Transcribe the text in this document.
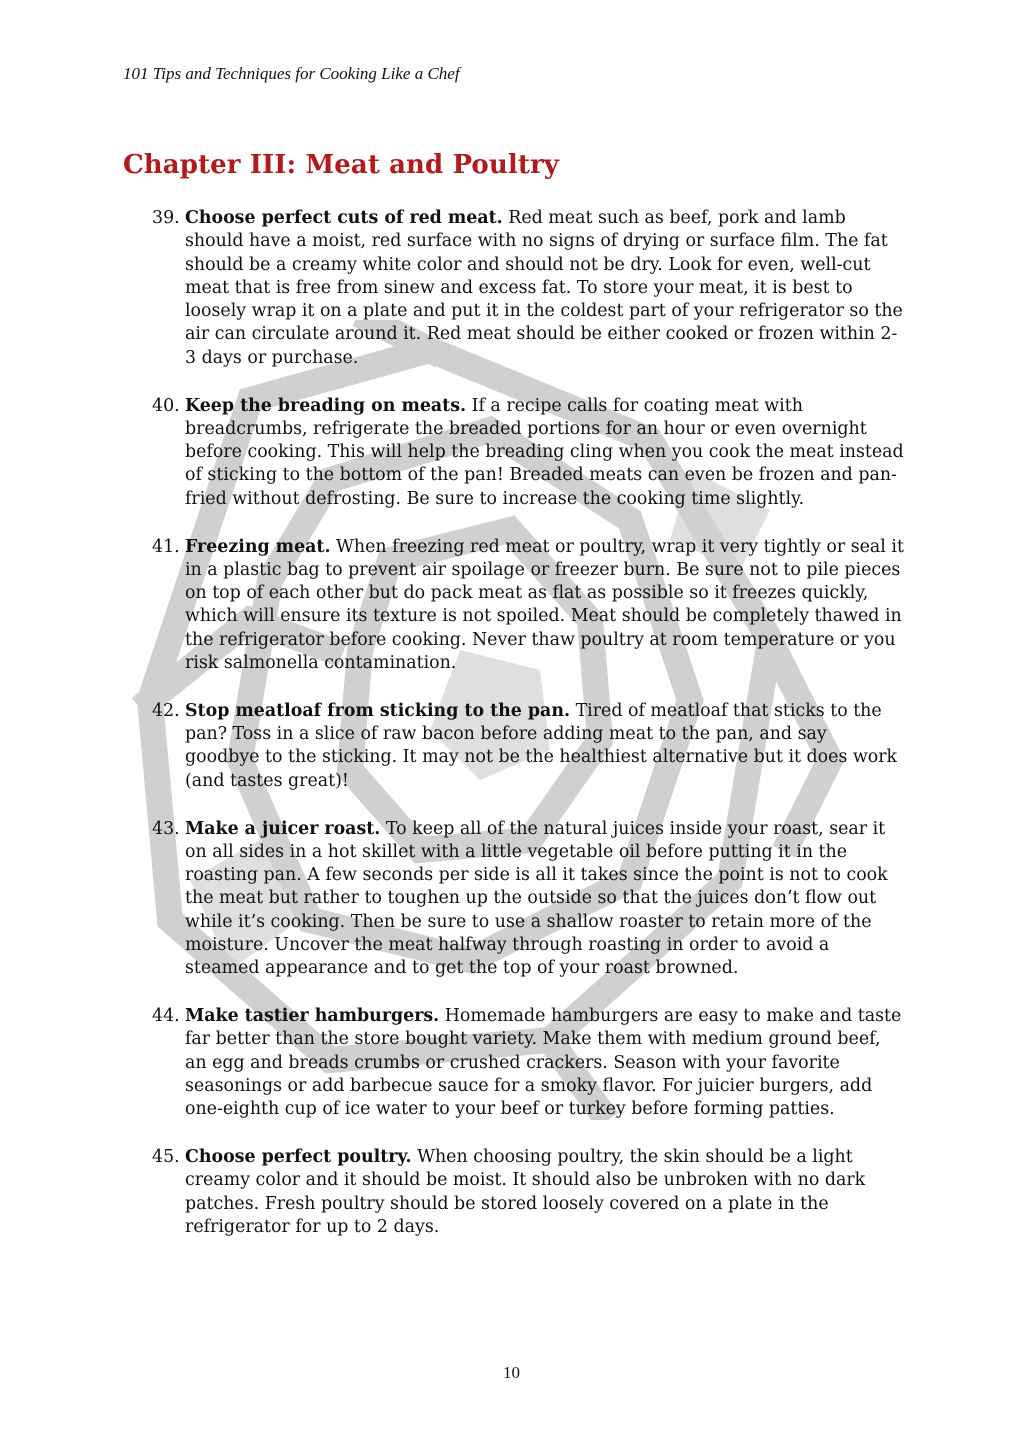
101 Tips and Techniques for Cooking Like a Chef
Chapter III: Meat and Poultry
39. Choose perfect cuts of red meat. Red meat such as beef, pork and lamb should have a moist, red surface with no signs of drying or surface film. The fat should be a creamy white color and should not be dry. Look for even, well-cut meat that is free from sinew and excess fat. To store your meat, it is best to loosely wrap it on a plate and put it in the coldest part of your refrigerator so the air can circulate around it. Red meat should be either cooked or frozen within 2-3 days or purchase.
40. Keep the breading on meats. If a recipe calls for coating meat with breadcrumbs, refrigerate the breaded portions for an hour or even overnight before cooking. This will help the breading cling when you cook the meat instead of sticking to the bottom of the pan! Breaded meats can even be frozen and pan-fried without defrosting. Be sure to increase the cooking time slightly.
41. Freezing meat. When freezing red meat or poultry, wrap it very tightly or seal it in a plastic bag to prevent air spoilage or freezer burn. Be sure not to pile pieces on top of each other but do pack meat as flat as possible so it freezes quickly, which will ensure its texture is not spoiled. Meat should be completely thawed in the refrigerator before cooking. Never thaw poultry at room temperature or you risk salmonella contamination.
42. Stop meatloaf from sticking to the pan. Tired of meatloaf that sticks to the pan? Toss in a slice of raw bacon before adding meat to the pan, and say goodbye to the sticking. It may not be the healthiest alternative but it does work (and tastes great)!
43. Make a juicer roast. To keep all of the natural juices inside your roast, sear it on all sides in a hot skillet with a little vegetable oil before putting it in the roasting pan. A few seconds per side is all it takes since the point is not to cook the meat but rather to toughen up the outside so that the juices don’t flow out while it’s cooking. Then be sure to use a shallow roaster to retain more of the moisture. Uncover the meat halfway through roasting in order to avoid a steamed appearance and to get the top of your roast browned.
44. Make tastier hamburgers. Homemade hamburgers are easy to make and taste far better than the store bought variety. Make them with medium ground beef, an egg and breads crumbs or crushed crackers. Season with your favorite seasonings or add barbecue sauce for a smoky flavor. For juicier burgers, add one-eighth cup of ice water to your beef or turkey before forming patties.
45. Choose perfect poultry. When choosing poultry, the skin should be a light creamy color and it should be moist. It should also be unbroken with no dark patches. Fresh poultry should be stored loosely covered on a plate in the refrigerator for up to 2 days.
10
